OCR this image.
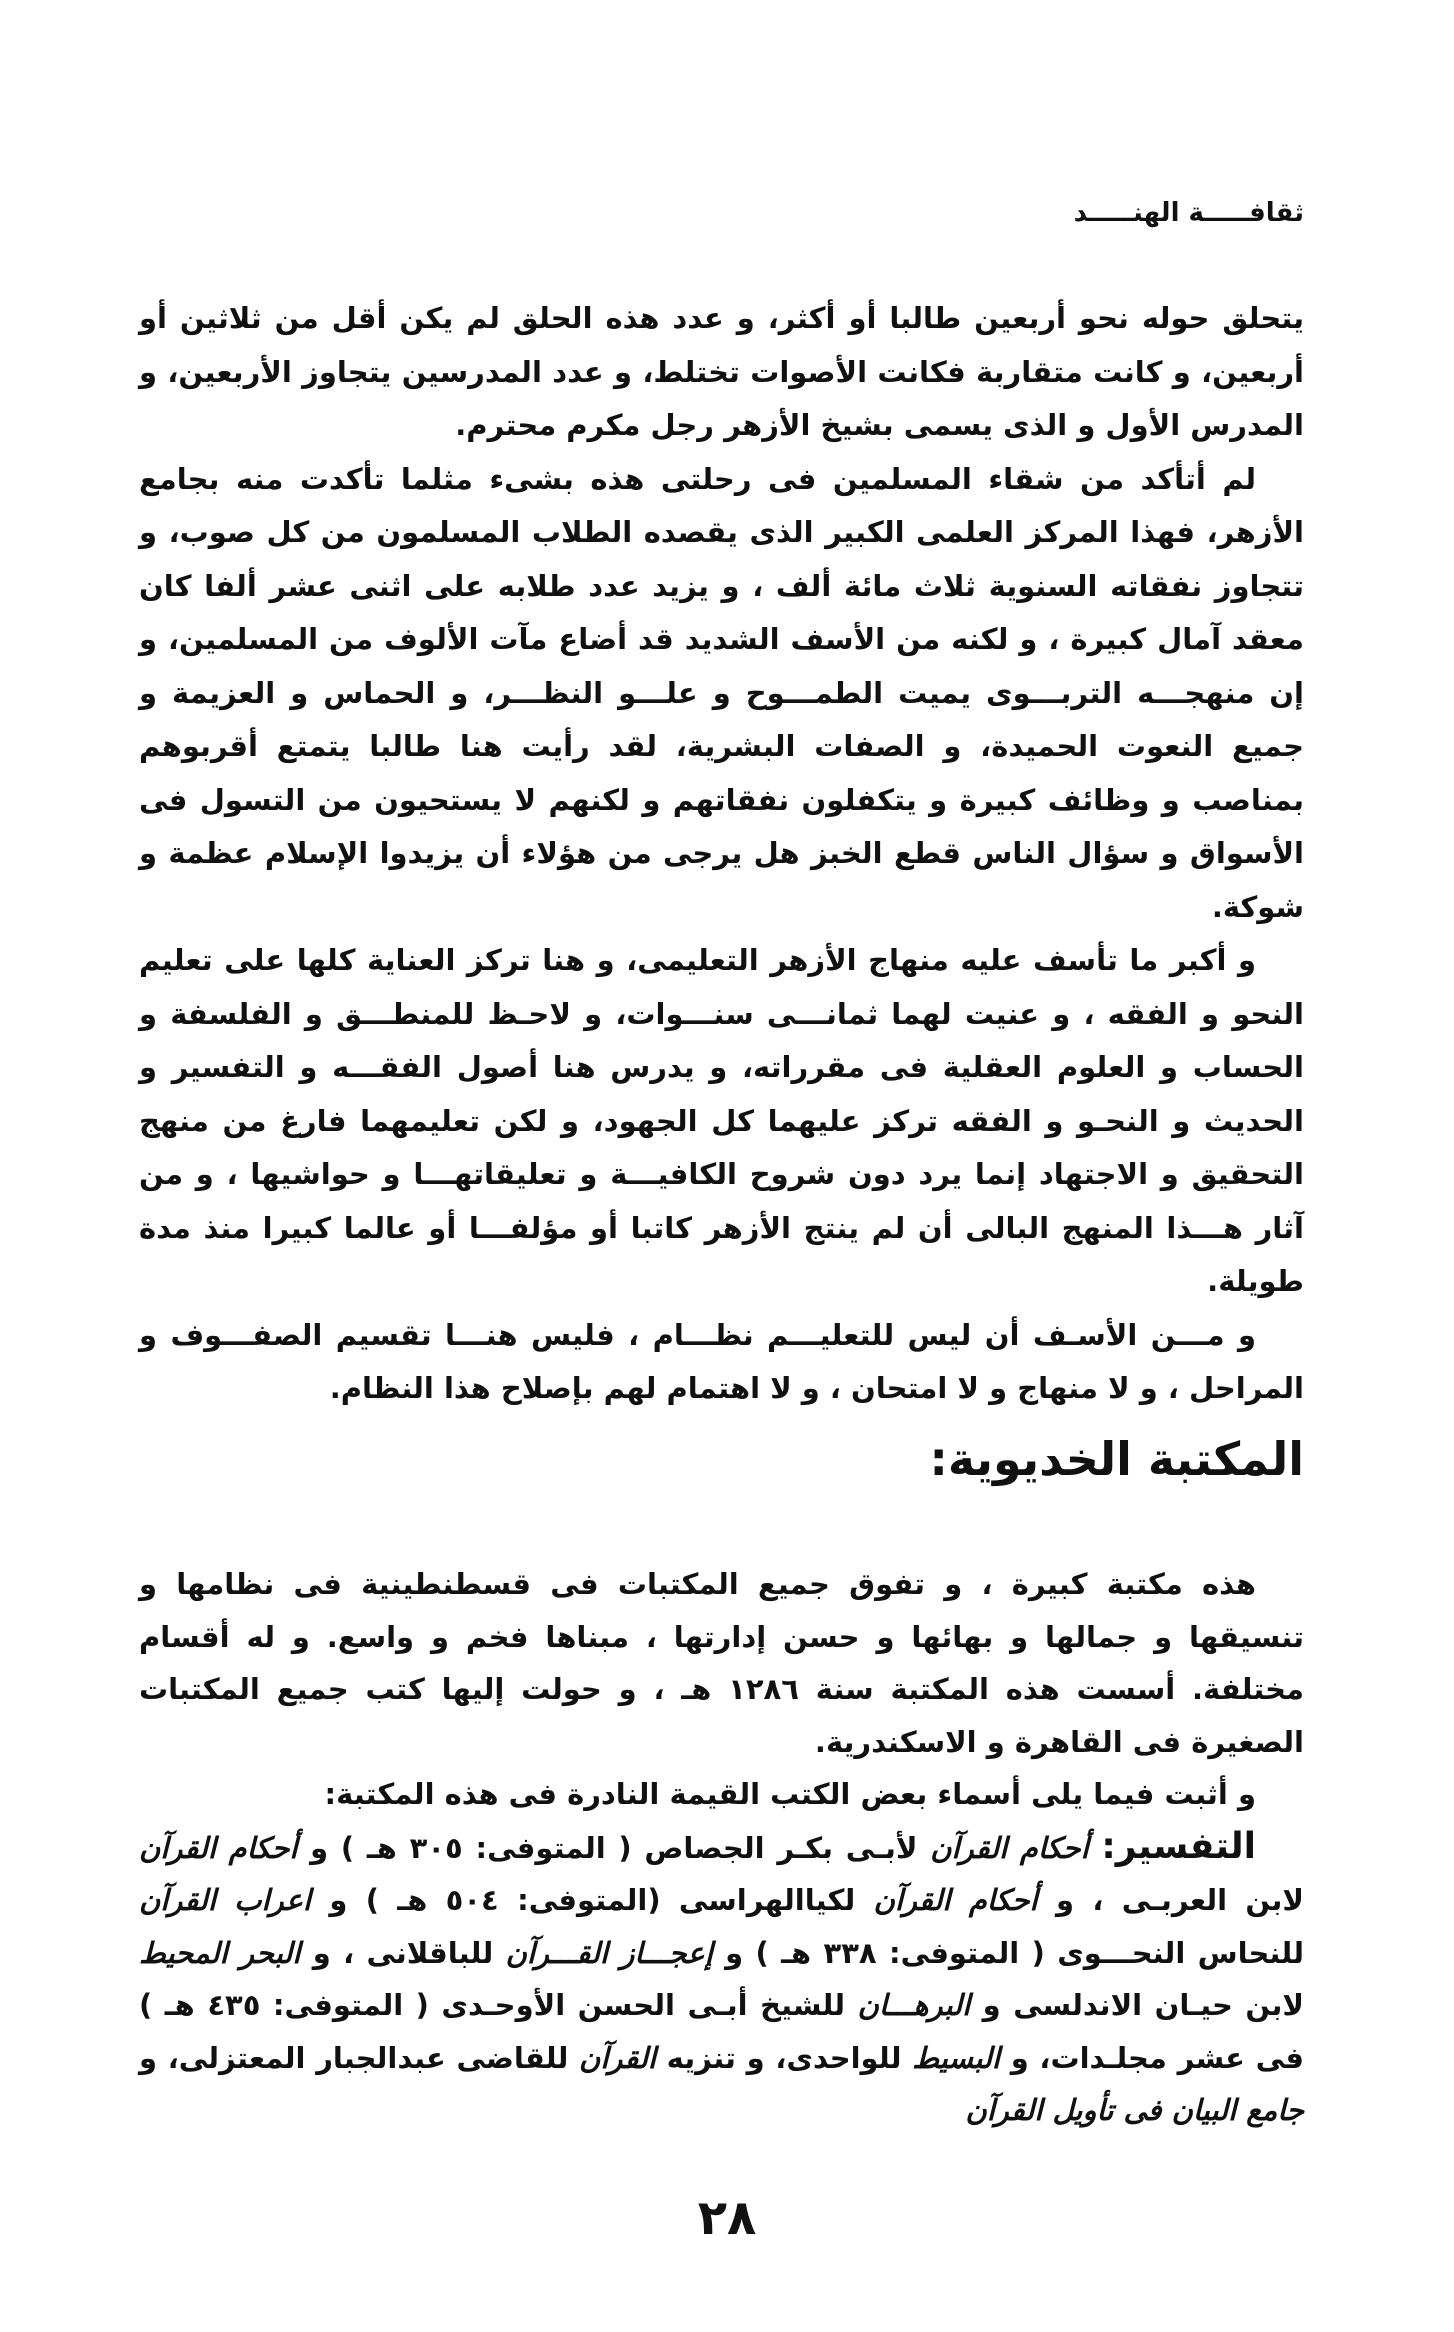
ثقافـــــة الهنـــــد

يتحلق حوله نحو أربعين طالبا أو أكثر، و عدد هذه الحلق لم يكن أقل من ثلاثين أو أربعين، و كانت متقاربة فكانت الأصوات تختلط، و عدد المدرسين يتجاوز الأربعين، و المدرس الأول و الذى يسمى بشيخ الأزهر رجل مكرم محترم.

لم أتأكد من شقاء المسلمين فى رحلتى هذه بشىء مثلما تأكدت منه بجامع الأزهر، فهذا المركز العلمى الكبير الذى يقصده الطلاب المسلمون من كل صوب، و تتجاوز نفقاته السنوية ثلاث مائة ألف ، و يزيد عدد طلابه على اثنى عشر ألفا كان معقد آمال كبيرة ، و لكنه من الأسف الشديد قد أضاع مآت الألوف من المسلمين، و إن منهجـــه التربـــوى يميت الطمـــوح و علـــو النظـــر، و الحماس و العزيمة و جميع النعوت الحميدة، و الصفات البشرية، لقد رأيت هنا طالبا يتمتع أقربوهم بمناصب و وظائف كبيرة و يتكفلون نفقاتهم و لكنهم لا يستحيون من التسول فى الأسواق و سؤال الناس قطع الخبز هل يرجى من هؤلاء أن يزيدوا الإسلام عظمة و شوكة.

و أكبر ما تأسف عليه منهاج الأزهر التعليمى، و هنا تركز العناية كلها على تعليم النحو و الفقه ، و عنيت لهما ثمانـــى سنـــوات، و لاحـظ للمنطـــق و الفلسفة و الحساب و العلوم العقلية فى مقرراته، و يدرس هنا أصول الفقـــه و التفسير و الحديث و النحـو و الفقه تركز عليهما كل الجهود، و لكن تعليمهما فارغ من منهج التحقيق و الاجتهاد إنما يرد دون شروح الكافيـــة و تعليقاتهـــا و حواشيها ، و من آثار هـــذا المنهج البالى أن لم ينتج الأزهر كاتبا أو مؤلفـــا أو عالما كبيرا منذ مدة طويلة.

و مـــن الأسـف أن ليس للتعليـــم نظـــام ، فليس هنـــا تقسيم الصفـــوف و المراحل ، و لا منهاج و لا امتحان ، و لا اهتمام لهم بإصلاح هذا النظام.

المكتبة الخديوية:

هذه مكتبة كبيرة ، و تفوق جميع المكتبات فى قسطنطينية فى نظامها و تنسيقها و جمالها و بهائها و حسن إدارتها ، مبناها فخم و واسع. و له أقسام مختلفة. أسست هذه المكتبة سنة ١٢٨٦ هـ ، و حولت إليها كتب جميع المكتبات الصغيرة فى القاهرة و الاسكندرية.

و أثبت فيما يلى أسماء بعض الكتب القيمة النادرة فى هذه المكتبة:

التفسير: أحكام القرآن لأبـى بكـر الجصاص ( المتوفى: ٣٠٥ هـ ) و أحكام القرآن لابن العربـى ، و أحكام القرآن لكياالهراسى (المتوفى: ٥٠٤ هـ ) و اعراب القرآن للنحاس النحـــوى ( المتوفى: ٣٣٨ هـ ) و إعجـــاز القـــرآن للباقلانى ، و البحر المحيط لابن حيـان الاندلسى و البرهـــان للشيخ أبـى الحسن الأوحـدى ( المتوفى: ٤٣٥ هـ ) فى عشر مجلـدات، و البسيط للواحدى، و تنزيه القرآن للقاضى عبدالجبار المعتزلى، و جامع البيان فى تأويل القرآن

٢٨
